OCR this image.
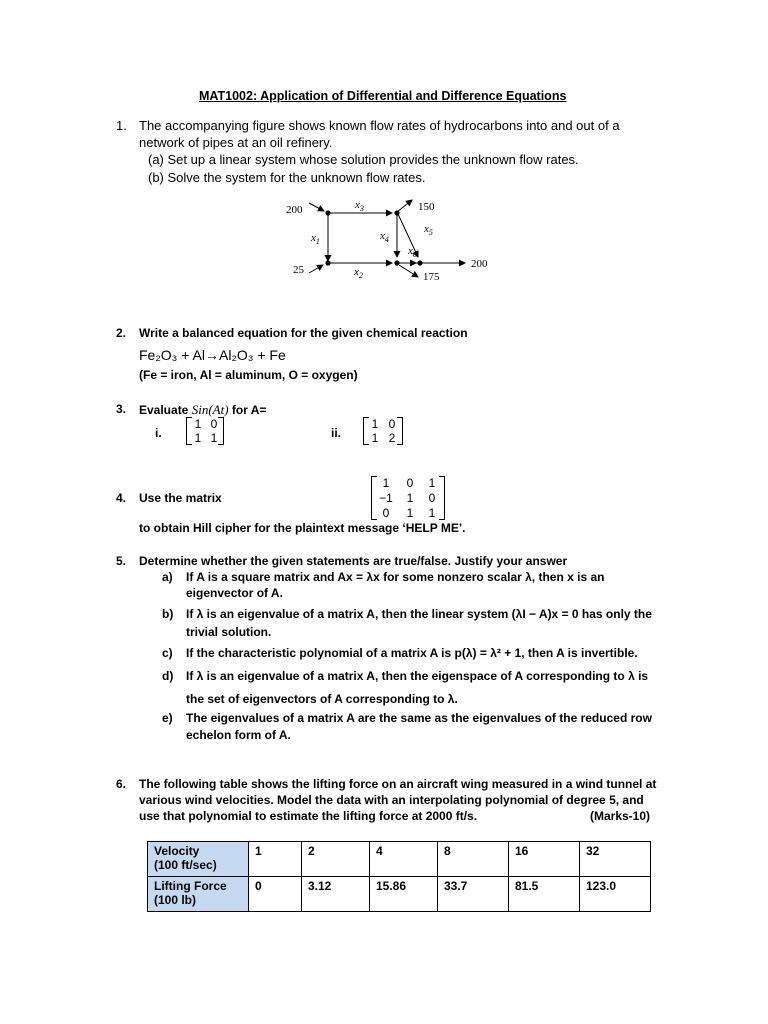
MAT1002: Application of Differential and Difference Equations
1. The accompanying figure shows known flow rates of hydrocarbons into and out of a
network of pipes at an oil refinery.
(a) Set up a linear system whose solution provides the unknown flow rates.
(b) Solve the system for the unknown flow rates.
200
25
150
200
175
$x_3$
$x_1$	$x_4$
$x_5$
$x_6$
$x_2$
2. Write a balanced equation for the given chemical reaction
Fe₂O₃ + Al→Al₂O₃ + Fe
(Fe = iron, Al = aluminum, O = oxygen)
3. Evaluate Sin(At) for A=
i.
1 0
1 1	ii.
1 0
1 2
4. Use the matrix
1	0	1
−1	1	0
0	1	1
to obtain Hill cipher for the plaintext message ‘HELP ME’.
5. Determine whether the given statements are true/false. Justify your answer
a) If A is a square matrix and Ax = λx for some nonzero scalar λ, then x is an
eigenvector of A.
b) If λ is an eigenvalue of a matrix A, then the linear system (λI − A)x = 0 has only the
trivial solution.
c) If the characteristic polynomial of a matrix A is p(λ) = λ² + 1, then A is invertible.
d) If λ is an eigenvalue of a matrix A, then the eigenspace of A corresponding to λ is
the set of eigenvectors of A corresponding to λ.
e) The eigenvalues of a matrix A are the same as the eigenvalues of the reduced row
echelon form of A.
6. The following table shows the lifting force on an aircraft wing measured in a wind tunnel at
various wind velocities. Model the data with an interpolating polynomial of degree 5, and
use that polynomial to estimate the lifting force at 2000 ft/s.	(Marks-10)
Velocity
(100 ft/sec)	1	2	4	8	16	32

Lifting Force
(100 lb)	0	3.12	15.86	33.7	81.5	123.0
